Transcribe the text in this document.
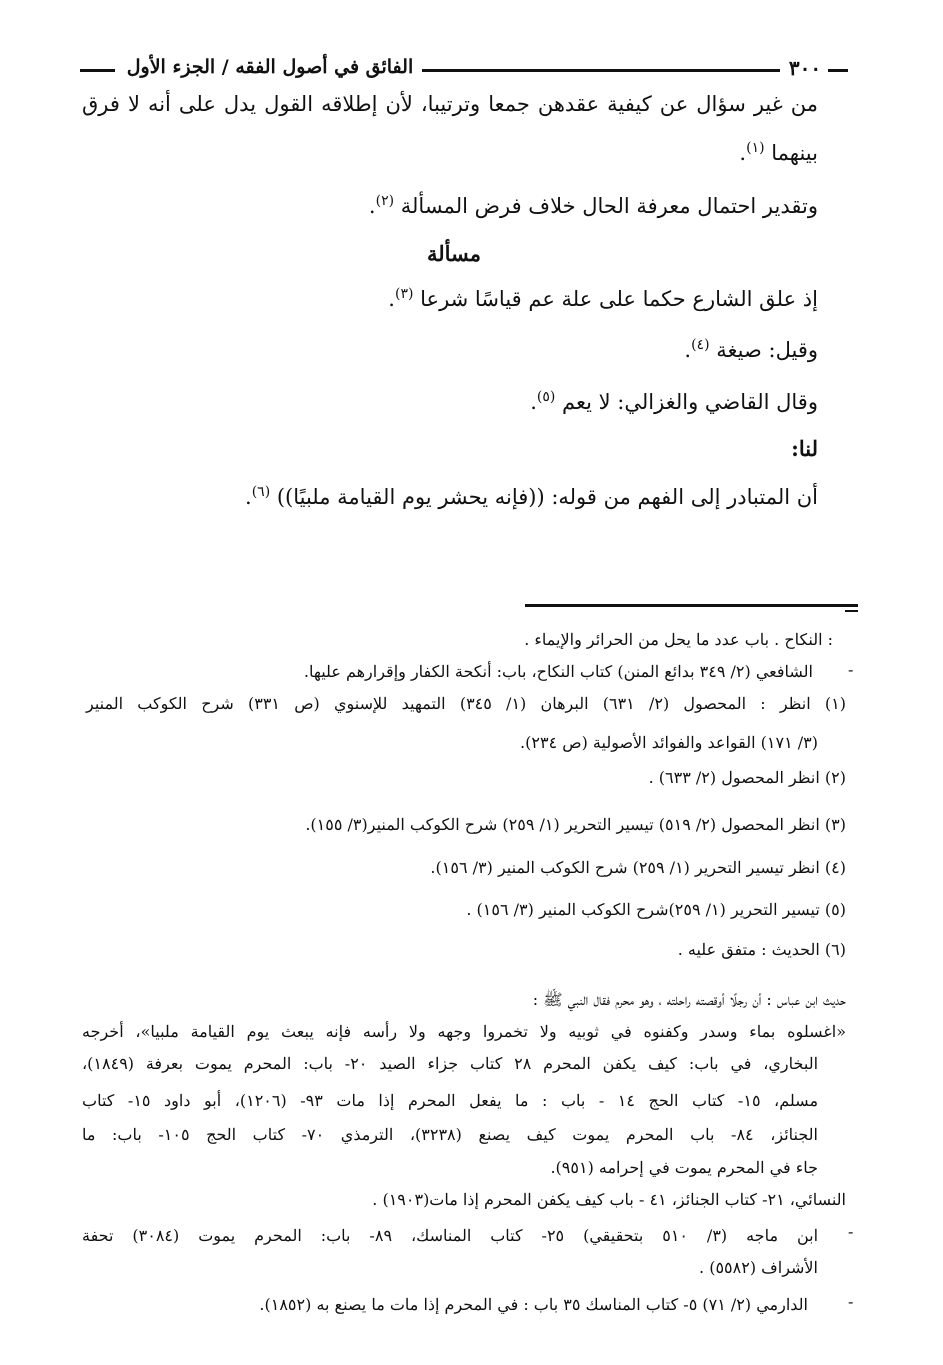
٣٠٠
الفائق في أصول الفقه / الجزء الأول
من غير سؤال عن كيفية عقدهن جمعا وترتيبا، لأن إطلاقه القول يدل على أنه لا فرق
بينهما $^{(١)}$.
وتقدير احتمال معرفة الحال خلاف فرض المسألة $^{(٢)}$.
مسألة
إذ علق الشارع حكما على علة عم قياسًا شرعا $^{(٣)}$.
وقيل: صيغة $^{(٤)}$.
وقال القاضي والغزالي: لا يعم $^{(٥)}$.
لنا:
أن المتبادر إلى الفهم من قوله: ((فإنه يحشر يوم القيامة ملبيًا)) $^{(٦)}$.
: النكاح . باب عدد ما يحل من الحرائر والإيماء .
-
الشافعي (٢/ ٣٤٩ بدائع المنن) كتاب النكاح، باب: أنكحة الكفار وإقرارهم عليها.
(١) انظر : المحصول (٢/ ٦٣١) البرهان (١/ ٣٤٥) التمهيد للإسنوي (ص ٣٣١) شرح الكوكب المنير
(٣/ ١٧١) القواعد والفوائد الأصولية (ص ٢٣٤).
(٢) انظر المحصول (٢/ ٦٣٣) .
(٣) انظر المحصول (٢/ ٥١٩) تيسير التحرير (١/ ٢٥٩) شرح الكوكب المنير(٣/ ١٥٥).
(٤) انظر تيسير التحرير (١/ ٢٥٩) شرح الكوكب المنير (٣/ ١٥٦).
(٥) تيسير التحرير (١/ ٢٥٩)شرح الكوكب المنير (٣/ ١٥٦) .
(٦) الحديث : متفق عليه .
حديث ابن عباس : أن رجلًا أوقصته راحلته ، وهو محرم فقال النبي ﷺ :
«اغسلوه بماء وسدر وكفنوه في ثوبيه ولا تخمروا وجهه ولا رأسه فإنه يبعث يوم القيامة ملبيا»، أخرجه
البخاري، في باب: كيف يكفن المحرم ٢٨ كتاب جزاء الصيد ٢٠- باب: المحرم يموت بعرفة (١٨٤٩)،
مسلم، ١٥- كتاب الحج ١٤ - باب : ما يفعل المحرم إذا مات ٩٣- (١٢٠٦)، أبو داود ١٥- كتاب
الجنائز، ٨٤- باب المحرم يموت كيف يصنع (٣٢٣٨)، الترمذي ٧٠- كتاب الحج ١٠٥- باب: ما
جاء في المحرم يموت في إحرامه (٩٥١).
النسائي، ٢١- كتاب الجنائز، ٤١ - باب كيف يكفن المحرم إذا مات(١٩٠٣) .
-
ابن ماجه (٣/ ٥١٠ بتحقيقي) ٢٥- كتاب المناسك، ٨٩- باب: المحرم يموت (٣٠٨٤) تحفة
الأشراف (٥٥٨٢) .
-
الدارمي (٢/ ٧١) ٥- كتاب المناسك ٣٥ باب : في المحرم إذا مات ما يصنع به (١٨٥٢).
